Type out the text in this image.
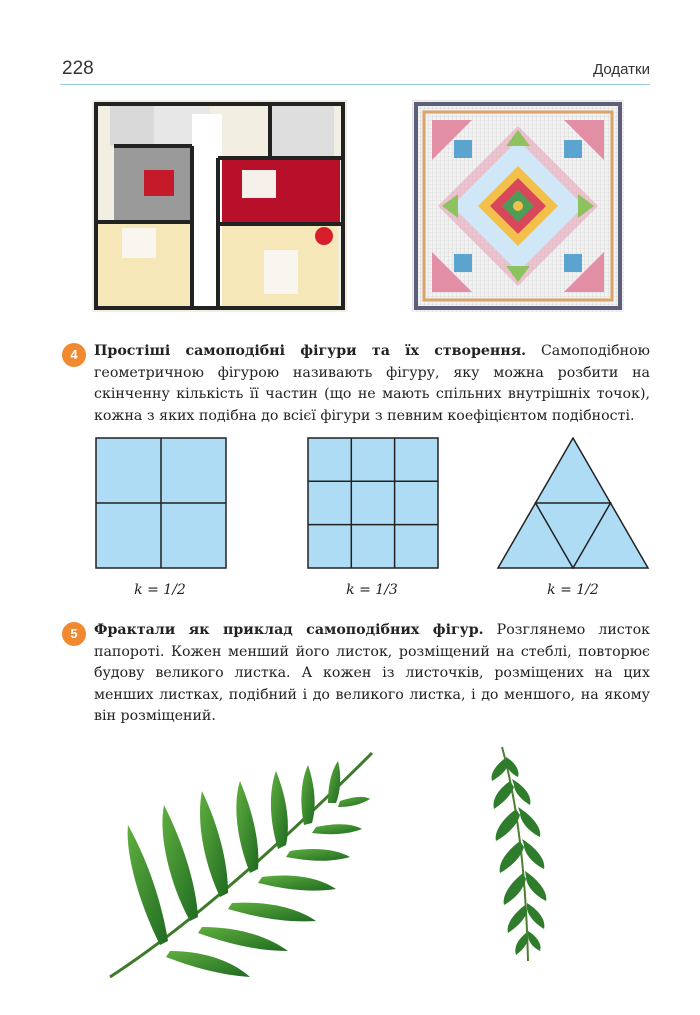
228	Додатки
4	Простіші самоподібні фігури та їх створення. Самоподібною геометричною фігурою називають фігуру, яку можна розбити на скінченну кількість її частин (що не мають спільних внутрішніх точок), кожна з яких подібна до всієї фігури з певним коефіцієнтом подібності.

k = 1/2	k = 1/3	k = 1/2
5	Фрактали як приклад самоподібних фігур. Розглянемо листок папороті. Кожен менший його листок, розміщений на стеблі, повторює будову великого листка. А кожен із листочків, розміщених на цих менших листках, подібний і до великого листка, і до меншого, на якому він розміщений.
